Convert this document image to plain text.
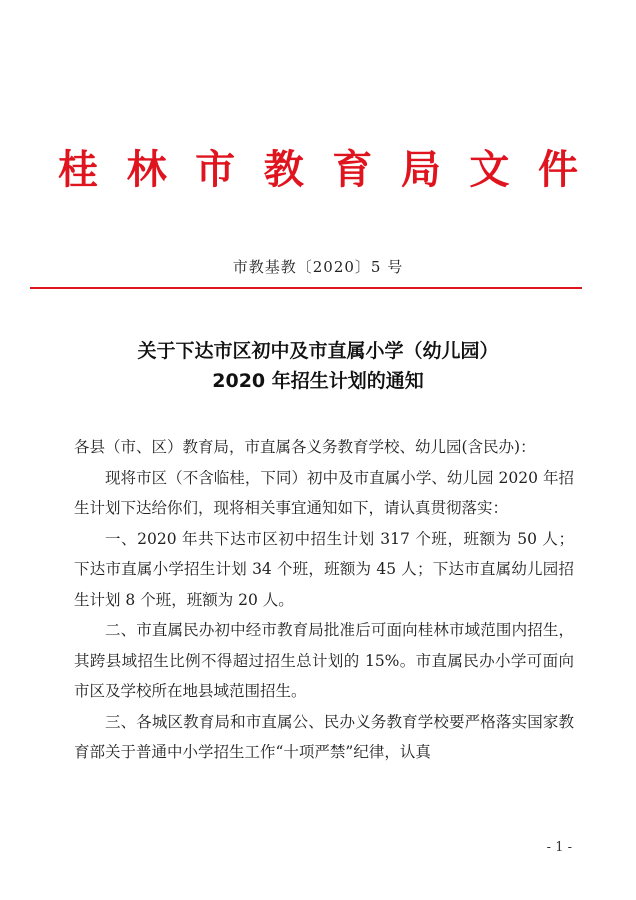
桂 林 市 教 育 局 文 件
市教基教〔2020〕5 号
关于下达市区初中及市直属小学（幼儿园）
2020 年招生计划的通知

各县（市、区）教育局，市直属各义务教育学校、幼儿园(含民办)：

现将市区（不含临桂，下同）初中及市直属小学、幼儿园 2020 年招生计划下达给你们，现将相关事宜通知如下，请认真贯彻落实：

一、2020 年共下达市区初中招生计划 317 个班，班额为 50 人；下达市直属小学招生计划 34 个班，班额为 45 人；下达市直属幼儿园招生计划 8 个班，班额为 20 人。

二、市直属民办初中经市教育局批准后可面向桂林市域范围内招生，其跨县域招生比例不得超过招生总计划的 15%。市直属民办小学可面向市区及学校所在地县域范围招生。

三、各城区教育局和市直属公、民办义务教育学校要严格落实国家教育部关于普通中小学招生工作“十项严禁”纪律，认真

- 1 -
